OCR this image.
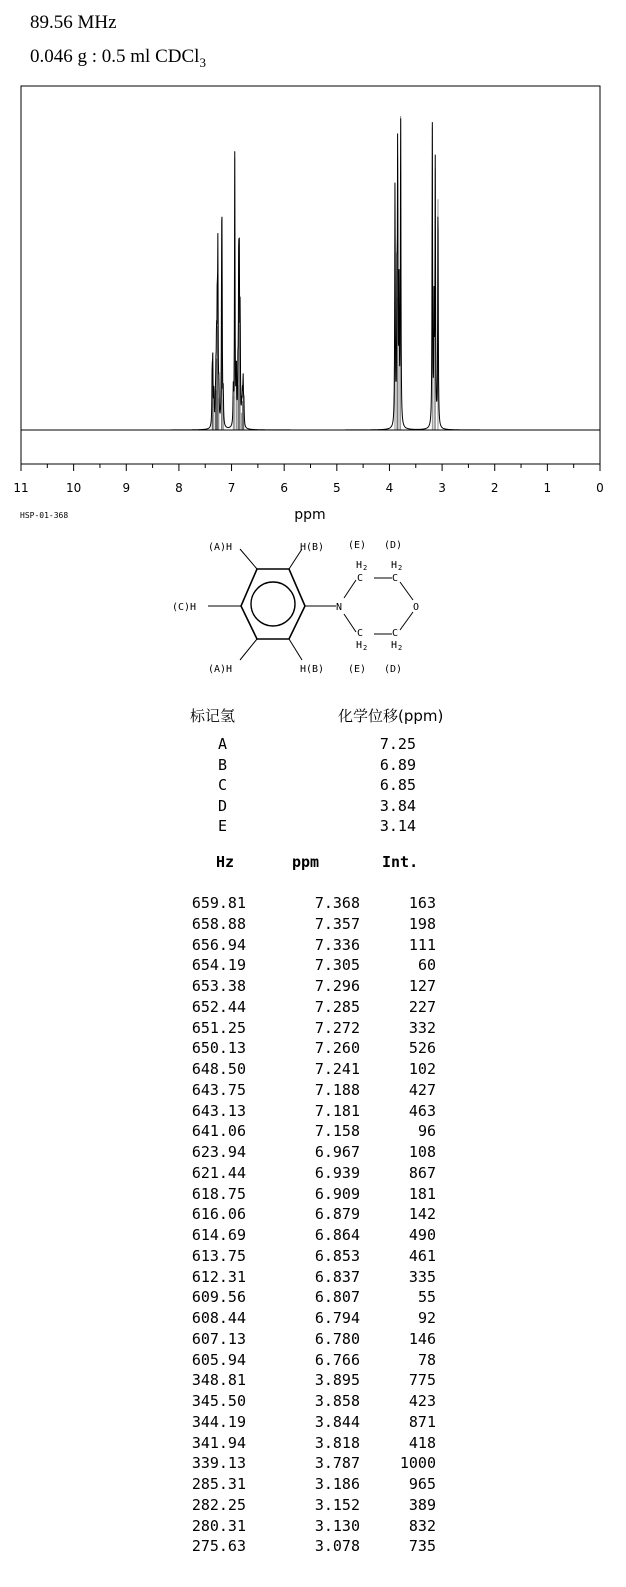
89.56 MHz
0.046 g : 0.5 ml CDCl$_3$
11	10	9	8	7	6	5	4	3	2	1	0
ppm
HSP-01-368
(A)H	H(B) (E) (D)
(C)H
(A)H	H(B) (E) (D)
N	O
H 2
C
H 2
C
C
H 2
C
H 2
标记氢	化学位移(ppm)
A	7.25
B	6.89
C	6.85
D	3.84
E	3.14
Hz	ppm	Int.
659.81	7.368	163
658.88	7.357	198
656.94	7.336	111
654.19	7.305	60
653.38	7.296	127
652.44	7.285	227
651.25	7.272	332
650.13	7.260	526
648.50	7.241	102
643.75	7.188	427
643.13	7.181	463
641.06	7.158	96
623.94	6.967	108
621.44	6.939	867
618.75	6.909	181
616.06	6.879	142
614.69	6.864	490
613.75	6.853	461
612.31	6.837	335
609.56	6.807	55
608.44	6.794	92
607.13	6.780	146
605.94	6.766	78
348.81	3.895	775
345.50	3.858	423
344.19	3.844	871
341.94	3.818	418
339.13	3.787	1000
285.31	3.186	965
282.25	3.152	389
280.31	3.130	832
275.63	3.078	735
